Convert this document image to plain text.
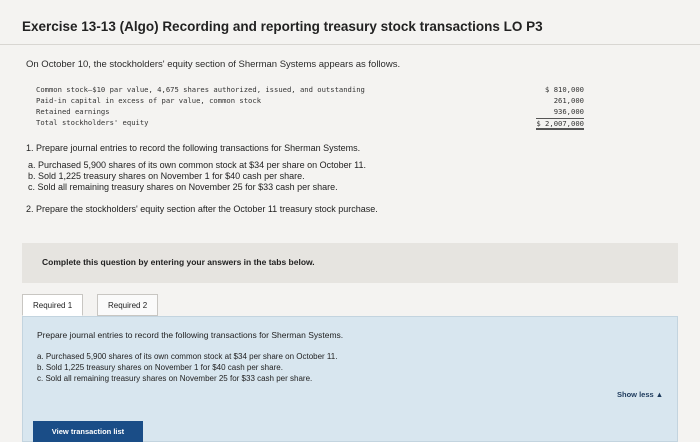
Exercise 13-13 (Algo) Recording and reporting treasury stock transactions LO P3
On October 10, the stockholders' equity section of Sherman Systems appears as follows.
Common stock—$10 par value, 4,675 shares authorized, issued, and outstanding	$ 810,000
Paid-in capital in excess of par value, common stock	261,000
Retained earnings	936,000
Total stockholders' equity	$ 2,007,000
1. Prepare journal entries to record the following transactions for Sherman Systems.
a. Purchased 5,900 shares of its own common stock at $34 per share on October 11.
b. Sold 1,225 treasury shares on November 1 for $40 cash per share.
c. Sold all remaining treasury shares on November 25 for $33 cash per share.
2. Prepare the stockholders' equity section after the October 11 treasury stock purchase.
Complete this question by entering your answers in the tabs below.
Required 1	Required 2
Prepare journal entries to record the following transactions for Sherman Systems.
a. Purchased 5,900 shares of its own common stock at $34 per share on October 11.
b. Sold 1,225 treasury shares on November 1 for $40 cash per share.
c. Sold all remaining treasury shares on November 25 for $33 cash per share.
Show less ▲
View transaction list
